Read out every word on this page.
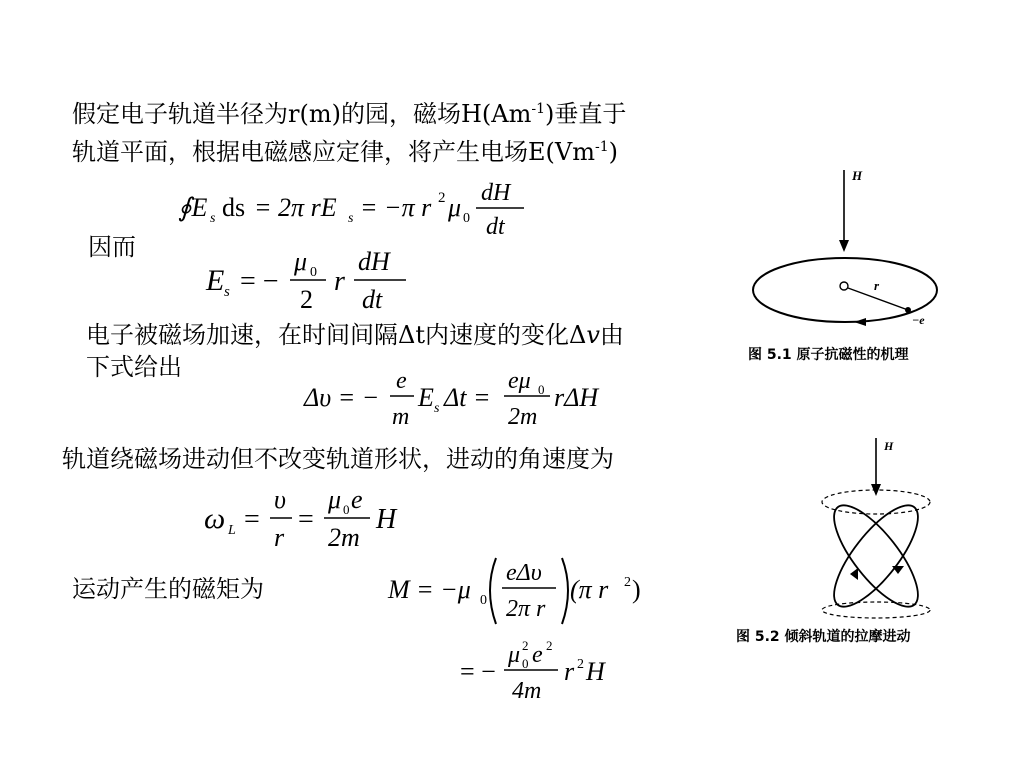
假定电子轨道半径为r(m)的园，磁场$H(Am^{-1})$垂直于
轨道平面，根据电磁感应定律，将产生电场$E(Vm^{-1})$
∮E s ds = 2π rE s = −π r 2 μ 0
dH
dt
因而
E s = −
μ 0
2
r
dH
dt
电子被磁场加速，在时间间隔Δt内速度的变化Δv由
下式给出
Δυ = −
e
m
E s Δt =
eμ 0
2m
rΔH
轨道绕磁场进动但不改变轨道形状，进动的角速度为
ω L =
υ
r
=
μ 0 e
2m
H
运动产生的磁矩为	M = −μ 0
eΔυ
2π r
(π r 2 )
= −
μ 0
2 e 2
4m
r 2 H
H
r
−e
图 5.1 原子抗磁性的机理
H
图 5.2 倾斜轨道的拉摩进动
